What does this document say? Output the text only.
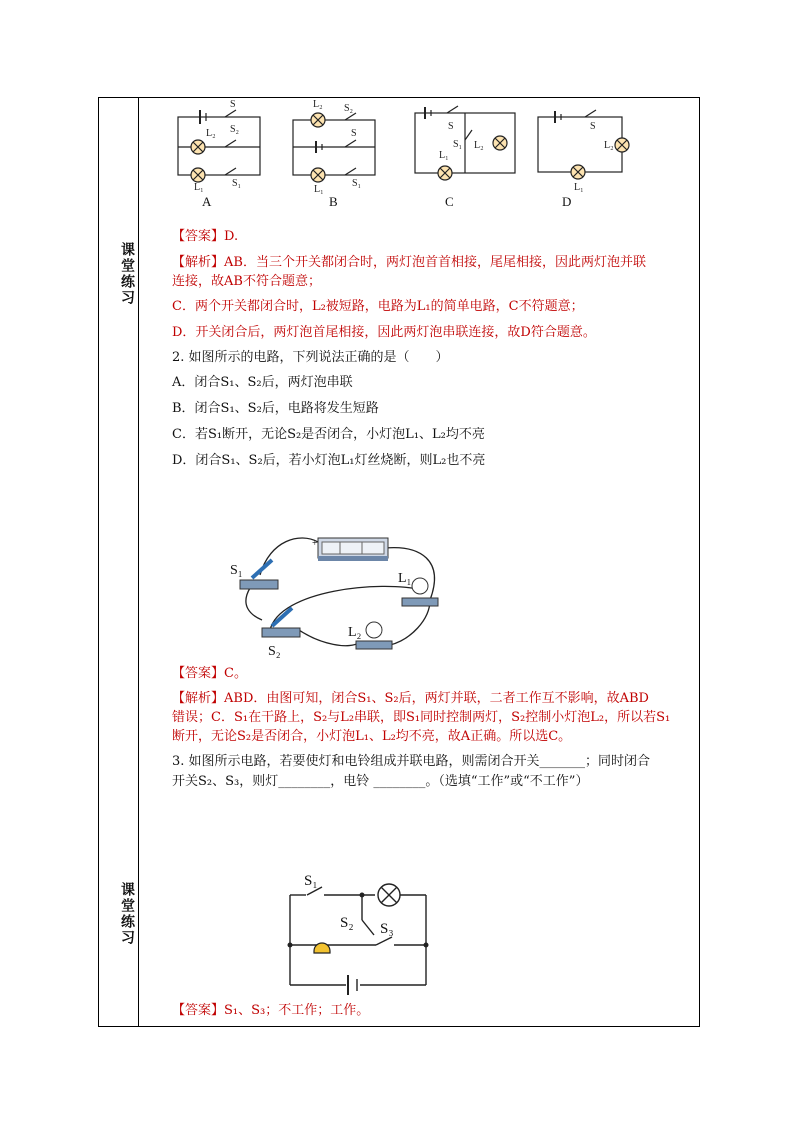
课堂练习
课堂练习
S
L₂ S₂
L₁	S₁
L₂ S₂
S
L₁
S₁
S
S₁ L₂
L₁
S
L₂
L₁
A	B	C	D
【答案】D.
【解析】AB．当三个开关都闭合时，两灯泡首首相接，尾尾相接，因此两灯泡并联
连接，故AB不符合题意；
C．两个开关都闭合时，L₂被短路，电路为L₁的简单电路，C不符题意；
D．开关闭合后，两灯泡首尾相接，因此两灯泡串联连接，故D符合题意。
2. 如图所示的电路，下列说法正确的是（　　）
A．闭合S₁、S₂后，两灯泡串联
B．闭合S₁、S₂后，电路将发生短路
C．若S₁断开，无论S₂是否闭合，小灯泡L₁、L₂均不亮
D．闭合S₁、S₂后，若小灯泡L₁灯丝烧断，则L₂也不亮
+
S₁
L₁
L₂
S₂
【答案】C。
【解析】ABD．由图可知，闭合S₁、S₂后，两灯并联，二者工作互不影响，故ABD
错误；C．S₁在干路上，S₂与L₂串联，即S₁同时控制两灯，S₂控制小灯泡L₂，所以若S₁
断开，无论S₂是否闭合，小灯泡L₁、L₂均不亮，故A正确。所以选C。
3. 如图所示电路，若要使灯和电铃组成并联电路，则需闭合开关_______；同时闭合
开关S₂、S₃，则灯________，电铃 ________。（选填“工作”或“不工作”）
S₁
S₂ S₃
【答案】S₁、S₃；不工作；工作。
